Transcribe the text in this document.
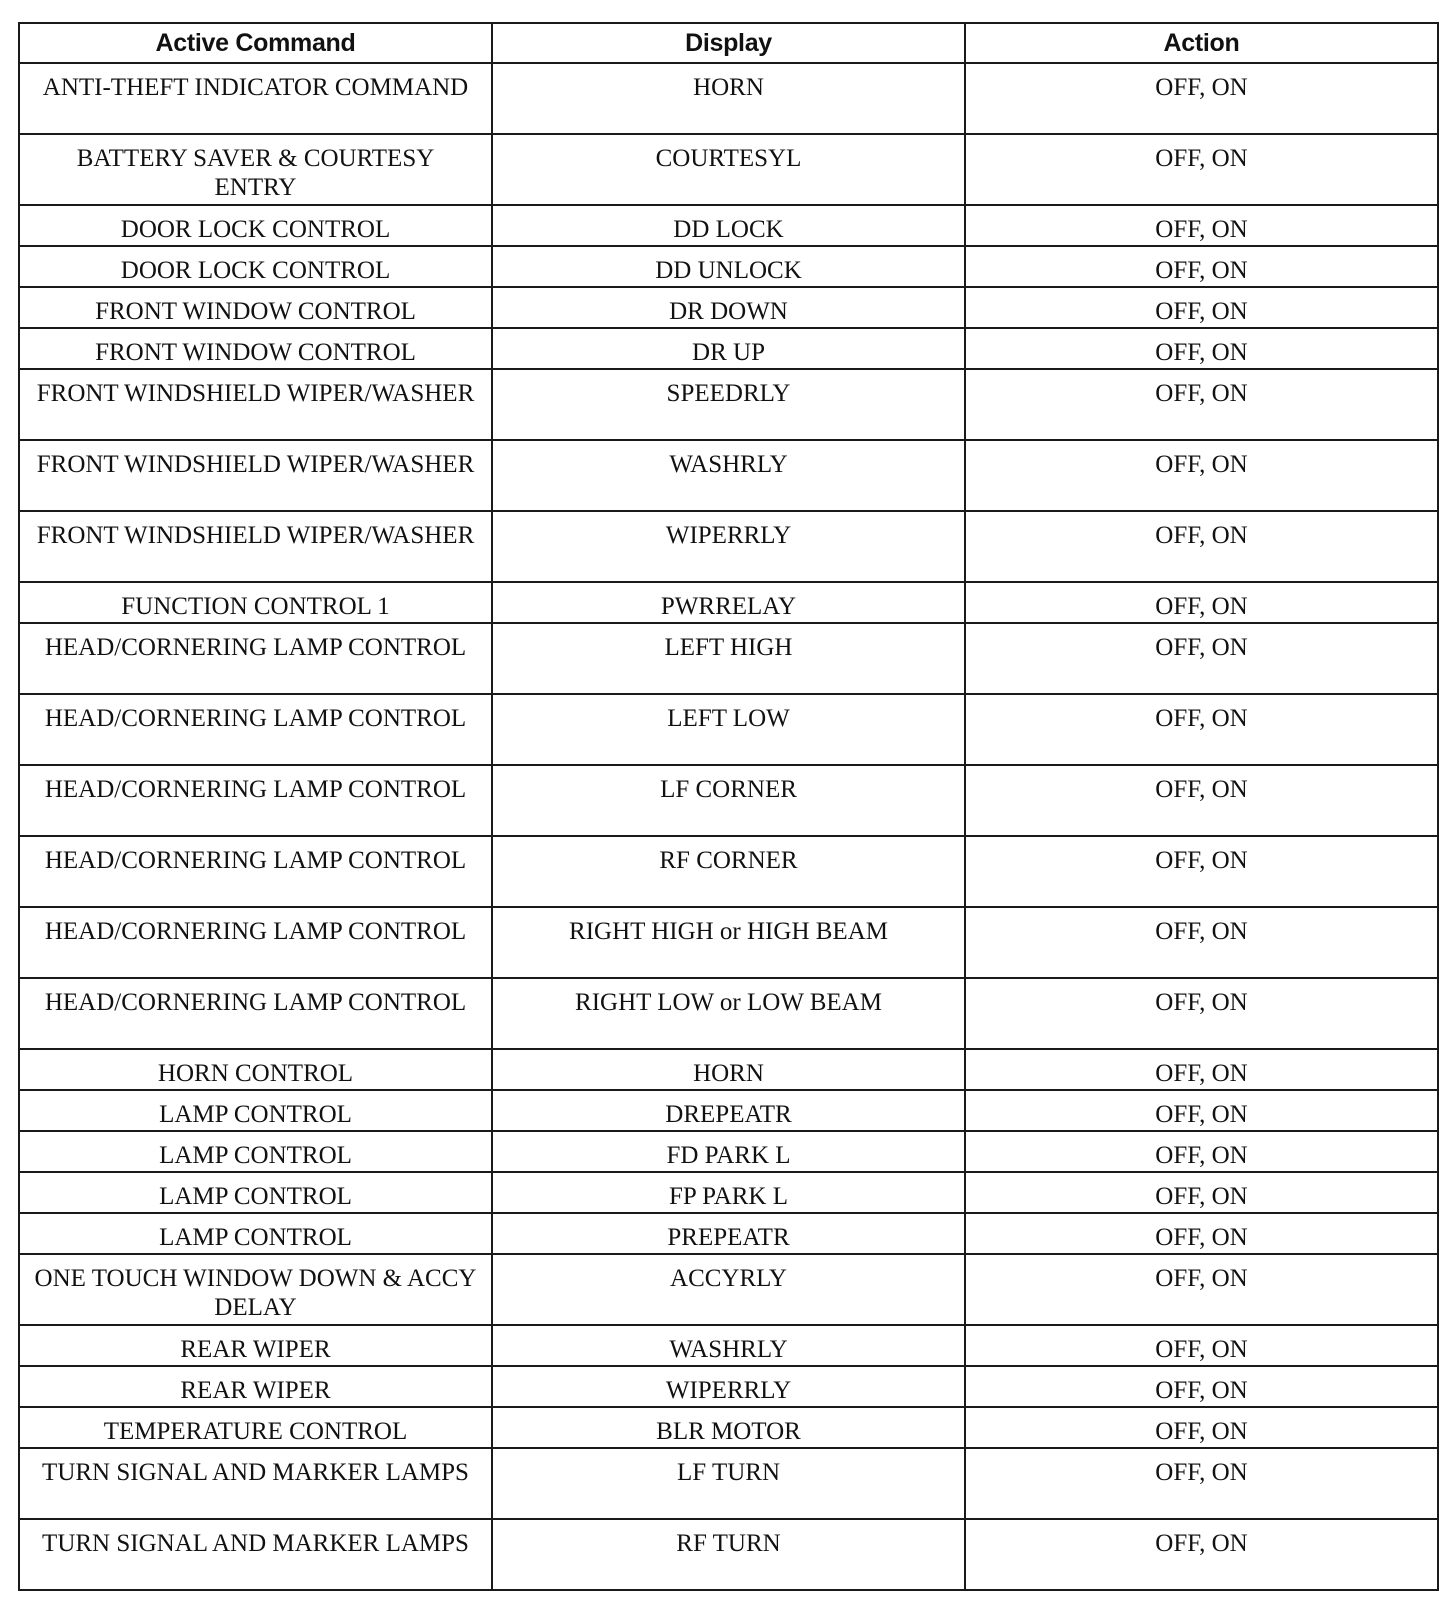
Active Command	Display	Action
ANTI-THEFT INDICATOR COMMAND	HORN	OFF, ON
BATTERY SAVER & COURTESY ENTRY	COURTESYL	OFF, ON
DOOR LOCK CONTROL	DD LOCK	OFF, ON
DOOR LOCK CONTROL	DD UNLOCK	OFF, ON
FRONT WINDOW CONTROL	DR DOWN	OFF, ON
FRONT WINDOW CONTROL	DR UP	OFF, ON
FRONT WINDSHIELD WIPER/WASHER	SPEEDRLY	OFF, ON
FRONT WINDSHIELD WIPER/WASHER	WASHRLY	OFF, ON
FRONT WINDSHIELD WIPER/WASHER	WIPERRLY	OFF, ON
FUNCTION CONTROL 1	PWRRELAY	OFF, ON
HEAD/CORNERING LAMP CONTROL	LEFT HIGH	OFF, ON
HEAD/CORNERING LAMP CONTROL	LEFT LOW	OFF, ON
HEAD/CORNERING LAMP CONTROL	LF CORNER	OFF, ON
HEAD/CORNERING LAMP CONTROL	RF CORNER	OFF, ON
HEAD/CORNERING LAMP CONTROL	RIGHT HIGH or HIGH BEAM	OFF, ON
HEAD/CORNERING LAMP CONTROL	RIGHT LOW or LOW BEAM	OFF, ON
HORN CONTROL	HORN	OFF, ON
LAMP CONTROL	DREPEATR	OFF, ON
LAMP CONTROL	FD PARK L	OFF, ON
LAMP CONTROL	FP PARK L	OFF, ON
LAMP CONTROL	PREPEATR	OFF, ON
ONE TOUCH WINDOW DOWN & ACCY DELAY	ACCYRLY	OFF, ON
REAR WIPER	WASHRLY	OFF, ON
REAR WIPER	WIPERRLY	OFF, ON
TEMPERATURE CONTROL	BLR MOTOR	OFF, ON
TURN SIGNAL AND MARKER LAMPS	LF TURN	OFF, ON
TURN SIGNAL AND MARKER LAMPS	RF TURN	OFF, ON
